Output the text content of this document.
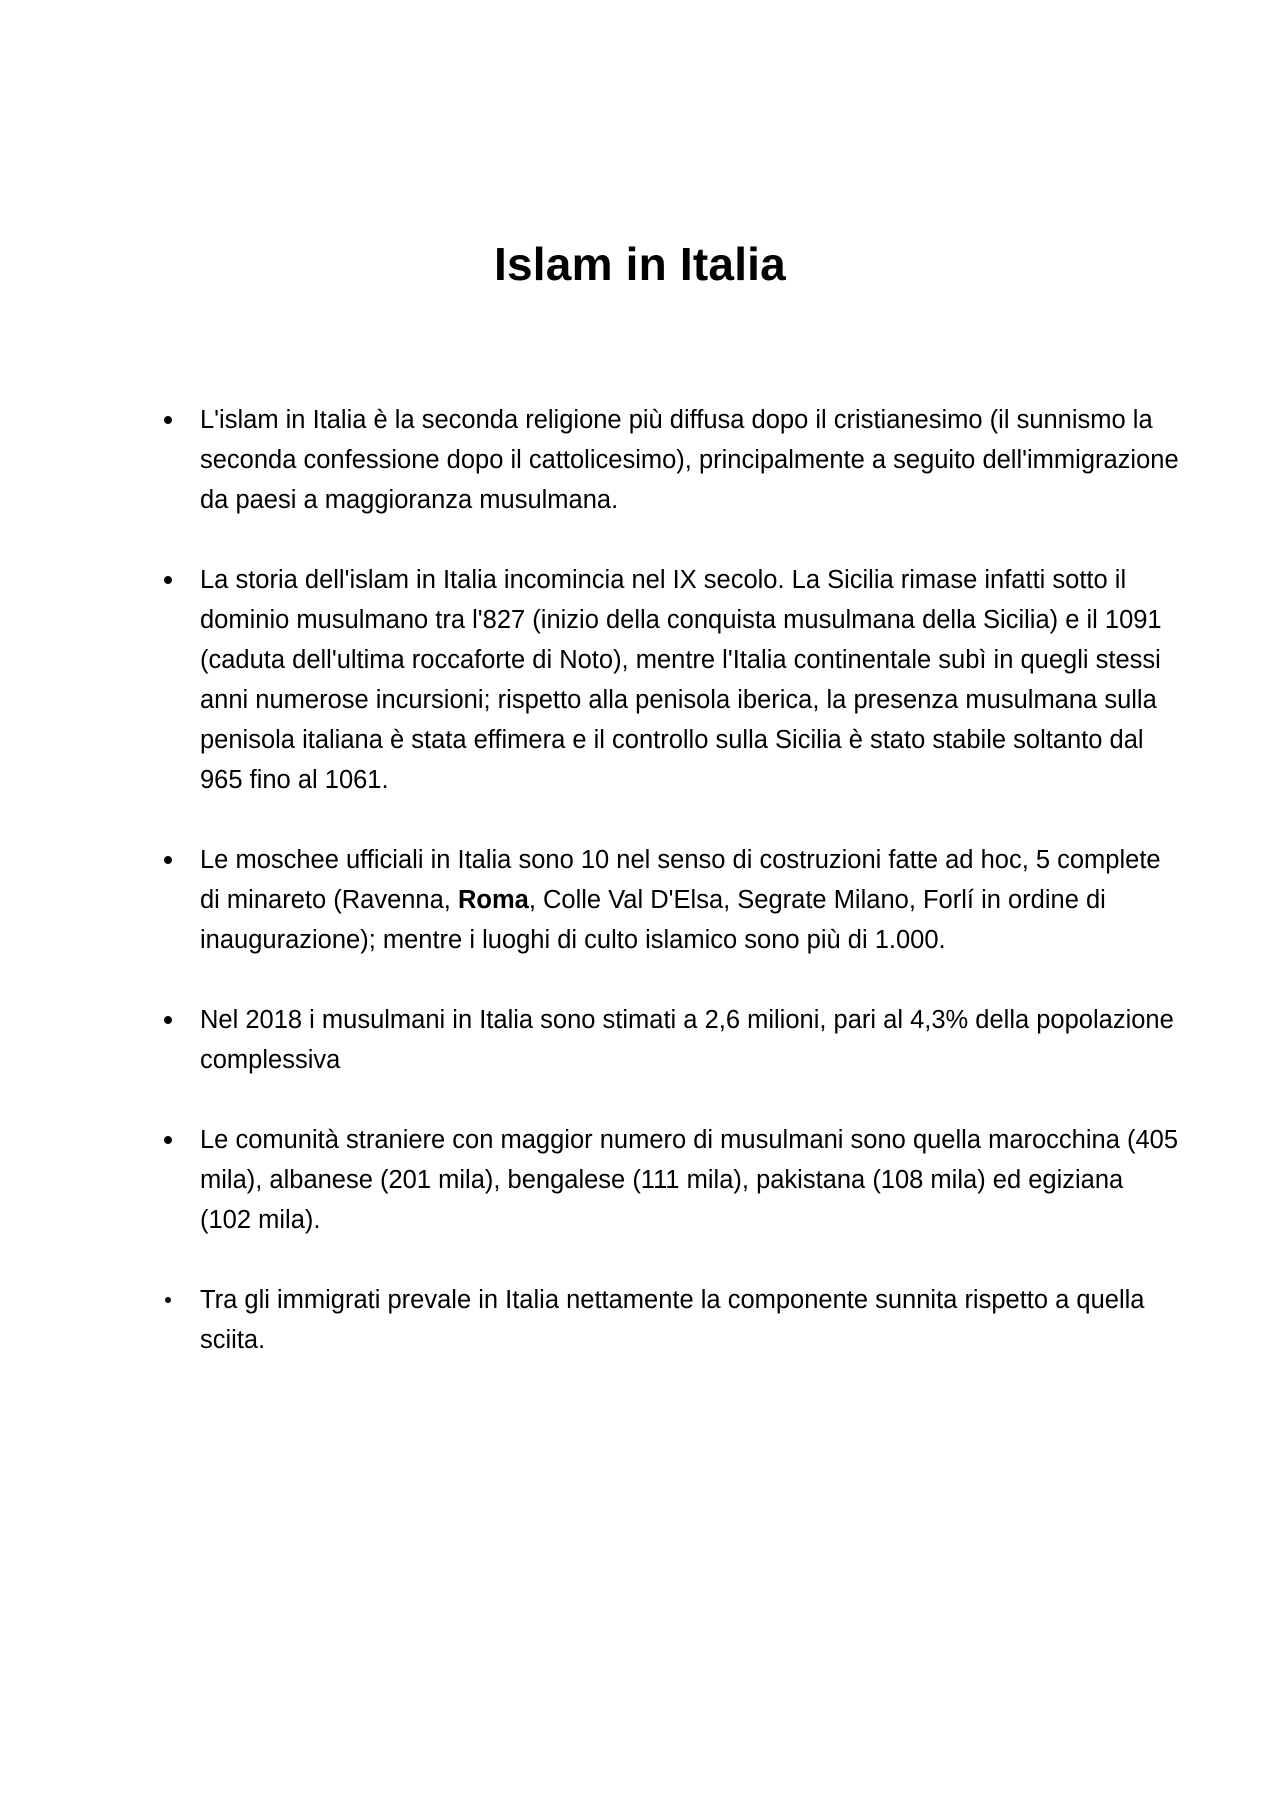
Islam in Italia
L'islam in Italia è la seconda religione più diffusa dopo il cristianesimo (il sunnismo la seconda confessione dopo il cattolicesimo), principalmente a seguito dell'immigrazione da paesi a maggioranza musulmana.
La storia dell'islam in Italia incomincia nel IX secolo. La Sicilia rimase infatti sotto il dominio musulmano tra l'827 (inizio della conquista musulmana della Sicilia) e il 1091 (caduta dell'ultima roccaforte di Noto), mentre l'Italia continentale subì in quegli stessi anni numerose incursioni; rispetto alla penisola iberica, la presenza musulmana sulla penisola italiana è stata effimera e il controllo sulla Sicilia è stato stabile soltanto dal 965 fino al 1061.
Le moschee ufficiali in Italia sono 10 nel senso di costruzioni fatte ad hoc, 5 complete di minareto (Ravenna, Roma, Colle Val D'Elsa, Segrate Milano, Forlí in ordine di inaugurazione); mentre i luoghi di culto islamico sono più di 1.000.
Nel 2018 i musulmani in Italia sono stimati a 2,6 milioni, pari al 4,3% della popolazione complessiva
Le comunità straniere con maggior numero di musulmani sono quella marocchina (405 mila), albanese (201 mila), bengalese (111 mila), pakistana (108 mila) ed egiziana (102 mila).
Tra gli immigrati prevale in Italia nettamente la componente sunnita rispetto a quella sciita.
